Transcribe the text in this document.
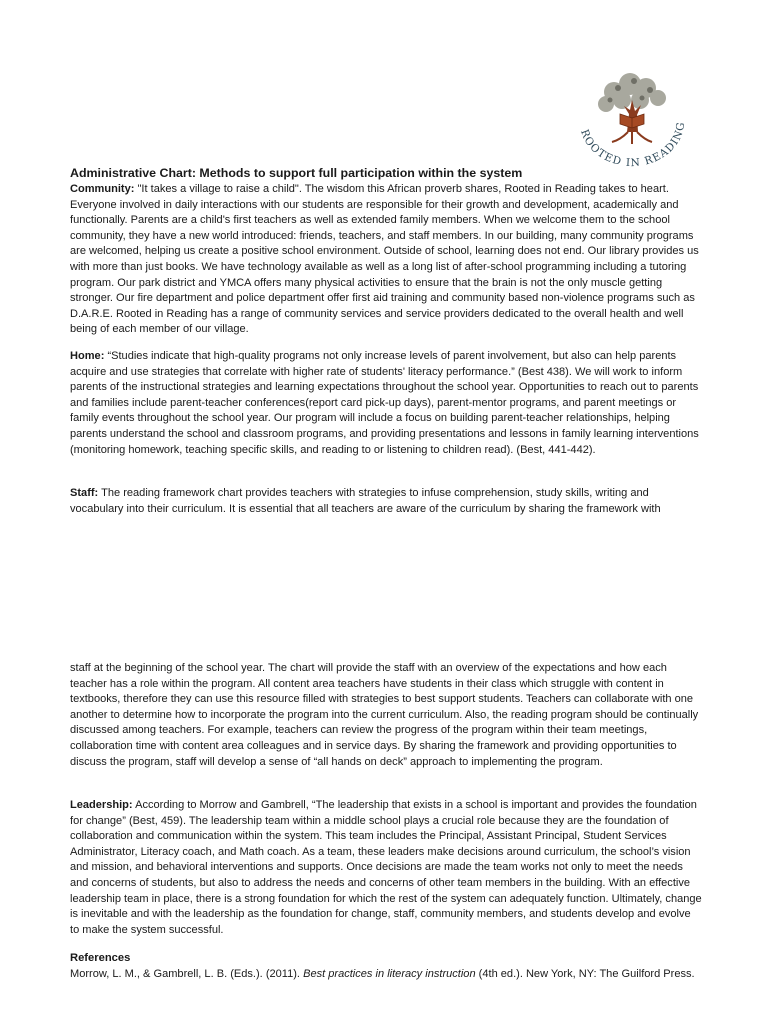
ROOTED IN READING
Administrative Chart: Methods to support full participation within the system

Community: "It takes a village to raise a child". The wisdom this African proverb shares, Rooted in Reading takes to heart. Everyone involved in daily interactions with our students are responsible for their growth and development, academically and functionally. Parents are a child's first teachers as well as extended family members. When we welcome them to the school community, they have a new world introduced: friends, teachers, and staff members. In our building, many community programs are welcomed, helping us create a positive school environment. Outside of school, learning does not end. Our library provides us with more than just books. We have technology available as well as a long list of after-school programming including a tutoring program. Our park district and YMCA offers many physical activities to ensure that the brain is not the only muscle getting stronger. Our fire department and police department offer first aid training and community based non-violence programs such as D.A.R.E. Rooted in Reading has a range of community services and service providers dedicated to the overall health and well being of each member of our village.

Home: “Studies indicate that high-quality programs not only increase levels of parent involvement, but also can help parents acquire and use strategies that correlate with higher rate of students' literacy performance.” (Best 438). We will work to inform parents of the instructional strategies and learning expectations throughout the school year. Opportunities to reach out to parents and families include parent-teacher conferences(report card pick-up days), parent-mentor programs, and parent meetings or family events throughout the school year. Our program will include a focus on building parent-teacher relationships, helping parents understand the school and classroom programs, and providing presentations and lessons in family learning interventions (monitoring homework, teaching specific skills, and reading to or listening to children read). (Best, 441-442).

Staff: The reading framework chart provides teachers with strategies to infuse comprehension, study skills, writing and vocabulary into their curriculum. It is essential that all teachers are aware of the curriculum by sharing the framework with

staff at the beginning of the school year. The chart will provide the staff with an overview of the expectations and how each teacher has a role within the program. All content area teachers have students in their class which struggle with content in textbooks, therefore they can use this resource filled with strategies to best support students. Teachers can collaborate with one another to determine how to incorporate the program into the current curriculum. Also, the reading program should be continually discussed among teachers. For example, teachers can review the progress of the program within their team meetings, collaboration time with content area colleagues and in service days. By sharing the framework and providing opportunities to discuss the program, staff will develop a sense of “all hands on deck” approach to implementing the program.

Leadership: According to Morrow and Gambrell, “The leadership that exists in a school is important and provides the foundation for change” (Best, 459). The leadership team within a middle school plays a crucial role because they are the foundation of collaboration and communication within the system. This team includes the Principal, Assistant Principal, Student Services Administrator, Literacy coach, and Math coach. As a team, these leaders make decisions around curriculum, the school’s vision and mission, and behavioral interventions and supports. Once decisions are made the team works not only to meet the needs and concerns of students, but also to address the needs and concerns of other team members in the building. With an effective leadership team in place, there is a strong foundation for which the rest of the system can adequately function. Ultimately, change is inevitable and with the leadership as the foundation for change, staff, community members, and students develop and evolve to make the system successful.

References

Morrow, L. M., & Gambrell, L. B. (Eds.). (2011). Best practices in literacy instruction (4th ed.). New York, NY: The Guilford Press.
